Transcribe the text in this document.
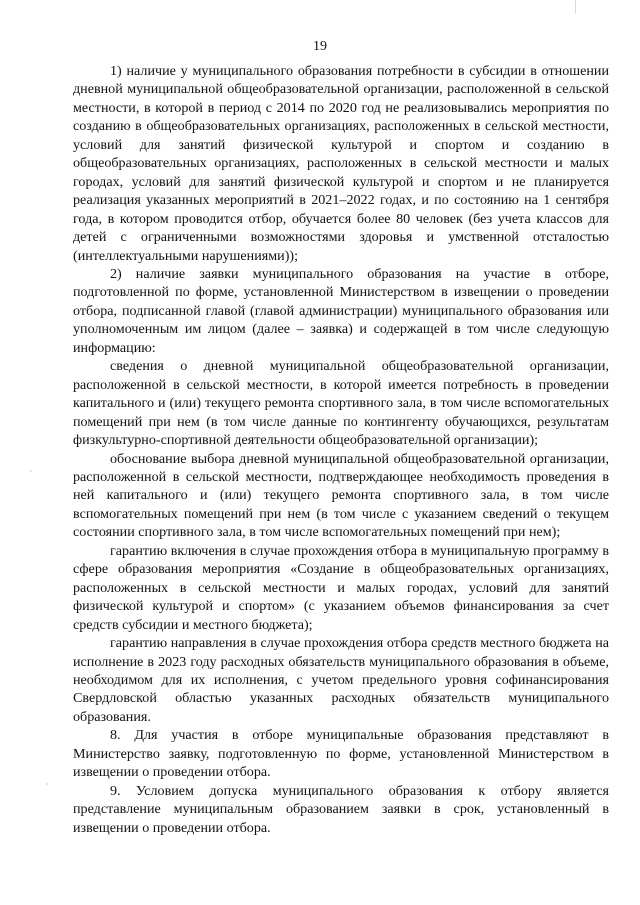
19

1) наличие у муниципального образования потребности в субсидии в отношении дневной муниципальной общеобразовательной организации, расположенной в сельской местности, в которой в период с 2014 по 2020 год не реализовывались мероприятия по созданию в общеобразовательных организациях, расположенных в сельской местности, условий для занятий физической культурой и спортом и созданию в общеобразовательных организациях, расположенных в сельской местности и малых городах, условий для занятий физической культурой и спортом и не планируется реализация указанных мероприятий в 2021–2022 годах, и по состоянию на 1 сентября года, в котором проводится отбор, обучается более 80 человек (без учета классов для детей с ограниченными возможностями здоровья и умственной отсталостью (интеллектуальными нарушениями));

2) наличие заявки муниципального образования на участие в отборе, подготовленной по форме, установленной Министерством в извещении о проведении отбора, подписанной главой (главой администрации) муниципального образования или уполномоченным им лицом (далее – заявка) и содержащей в том числе следующую информацию:

сведения о дневной муниципальной общеобразовательной организации, расположенной в сельской местности, в которой имеется потребность в проведении капитального и (или) текущего ремонта спортивного зала, в том числе вспомогательных помещений при нем (в том числе данные по контингенту обучающихся, результатам физкультурно-спортивной деятельности общеобразовательной организации);

обоснование выбора дневной муниципальной общеобразовательной организации, расположенной в сельской местности, подтверждающее необходимость проведения в ней капитального и (или) текущего ремонта спортивного зала, в том числе вспомогательных помещений при нем (в том числе с указанием сведений о текущем состоянии спортивного зала, в том числе вспомогательных помещений при нем);

гарантию включения в случае прохождения отбора в муниципальную программу в сфере образования мероприятия «Создание в общеобразовательных организациях, расположенных в сельской местности и малых городах, условий для занятий физической культурой и спортом» (с указанием объемов финансирования за счет средств субсидии и местного бюджета);

гарантию направления в случае прохождения отбора средств местного бюджета на исполнение в 2023 году расходных обязательств муниципального образования в объеме, необходимом для их исполнения, с учетом предельного уровня софинансирования Свердловской областью указанных расходных обязательств муниципального образования.

8. Для участия в отборе муниципальные образования представляют в Министерство заявку, подготовленную по форме, установленной Министерством в извещении о проведении отбора.

9. Условием допуска муниципального образования к отбору является представление муниципальным образованием заявки в срок, установленный в извещении о проведении отбора.
